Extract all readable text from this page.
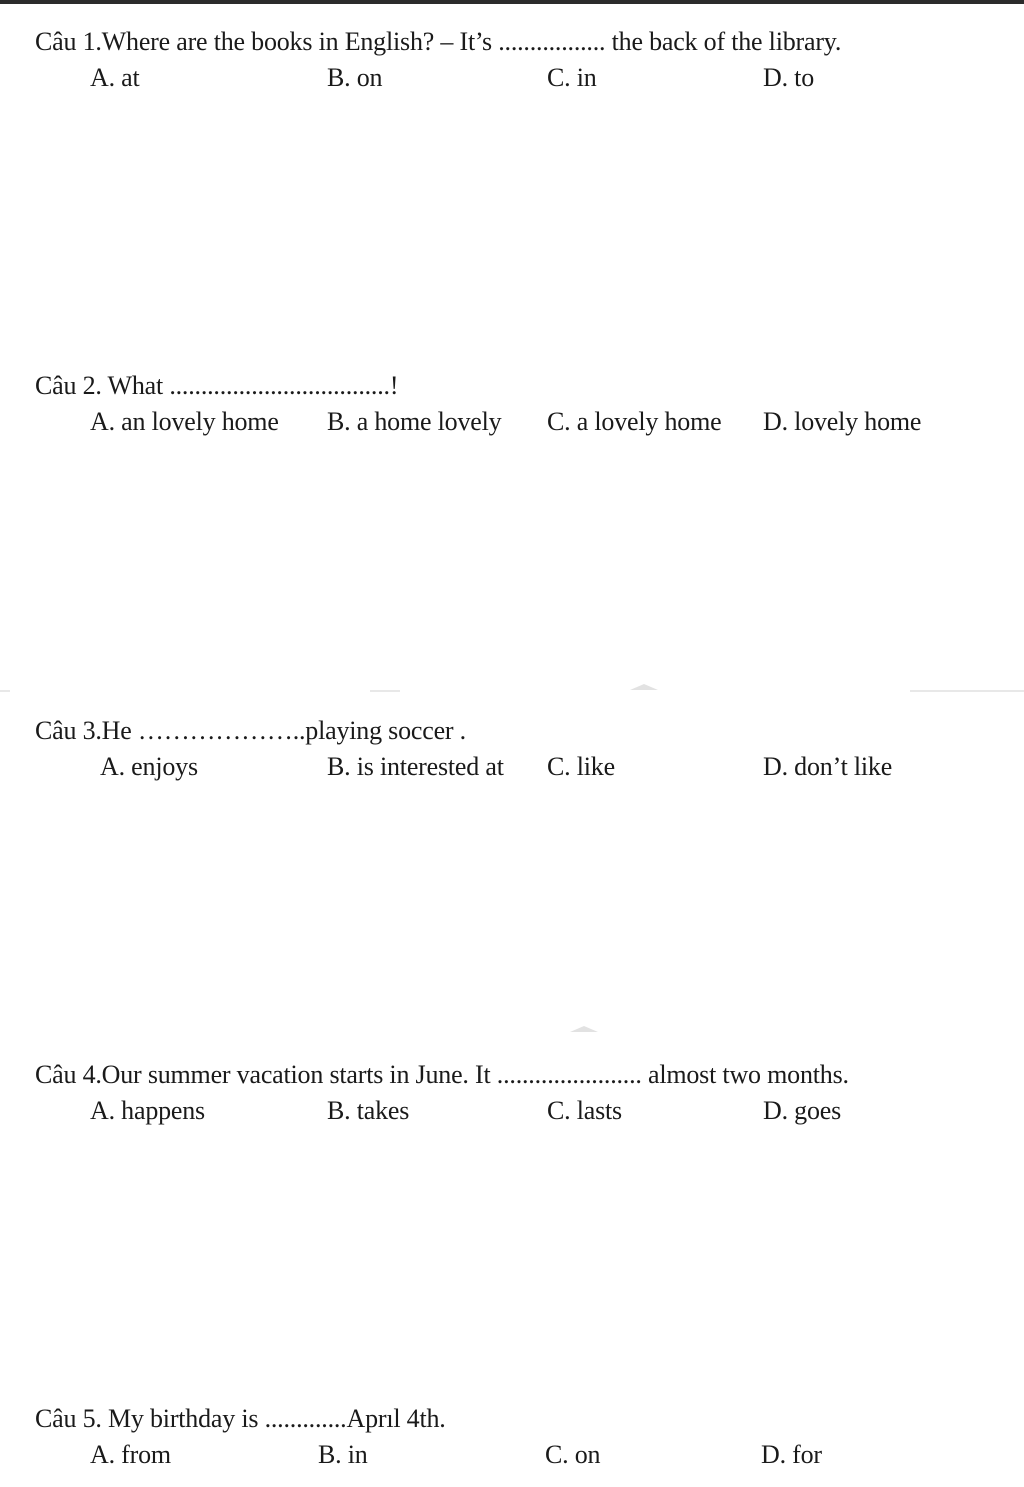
Câu 1.Where are the books in English? – It’s ................. the back of the library.
A. at	B. on	C. in	D. to
Câu 2. What ...................................!
A. an lovely home B. a home lovely C. a lovely home D. lovely home
Câu 3.He ………………..playing soccer .
A. enjoys	B. is interested at C. like	D. don’t like
Câu 4.Our summer vacation starts in June. It ....................... almost two months.
A. happens	B. takes	C. lasts	D. goes
Câu 5. My birthday is .............Aprıl 4th.
A. from	B. in	C. on	D. for
